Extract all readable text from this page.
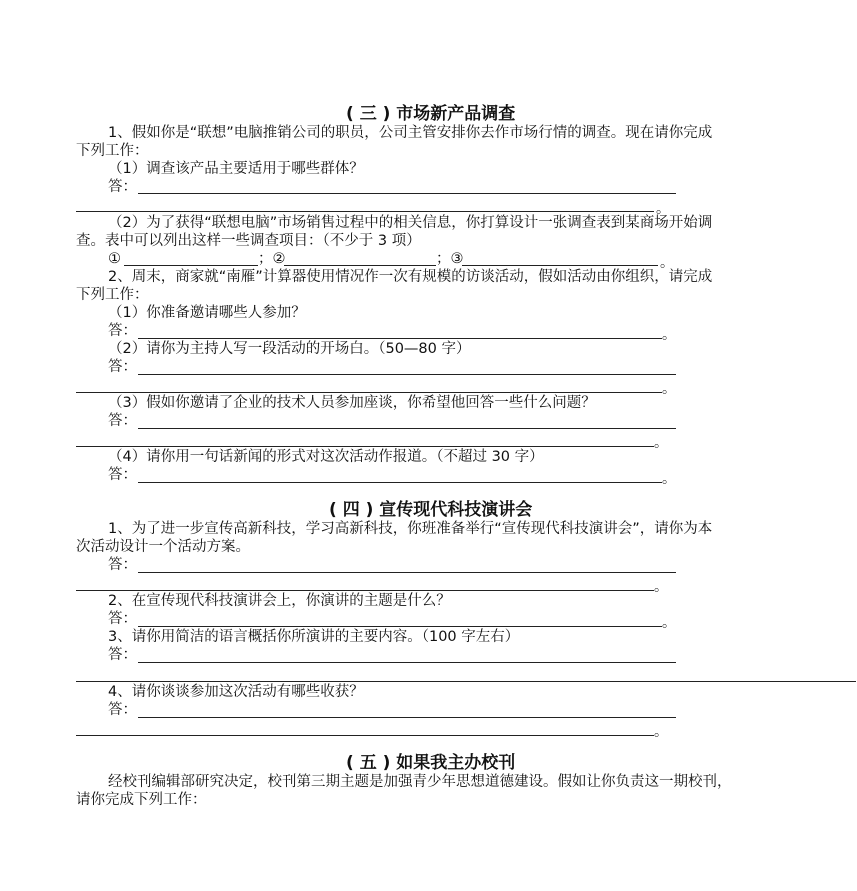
( 三 ) 市场新产品调查
1、假如你是“联想”电脑推销公司的职员，公司主管安排你去作市场行情的调查。现在请你完成
下列工作：
（1）调查该产品主要适用于哪些群体？
答：
。
（2）为了获得“联想电脑”市场销售过程中的相关信息，你打算设计一张调查表到某商场开始调
查。表中可以列出这样一些调查项目：（不少于 3 项）
①	；②	；③	。
2、周末，商家就“南雁”计算器使用情况作一次有规模的访谈活动，假如活动由你组织，请完成
下列工作：
（1）你准备邀请哪些人参加？
答：	。
（2）请你为主持人写一段活动的开场白。（50—80 字）
答：
。
（3）假如你邀请了企业的技术人员参加座谈，你希望他回答一些什么问题？
答：
。
（4）请你用一句话新闻的形式对这次活动作报道。（不超过 30 字）
答：	。
( 四 ) 宣传现代科技演讲会
1、为了进一步宣传高新科技，学习高新科技，你班准备举行“宣传现代科技演讲会”，请你为本
次活动设计一个活动方案。
答：
。
2、在宣传现代科技演讲会上，你演讲的主题是什么？
答：	。
3、请你用简洁的语言概括你所演讲的主要内容。（100 字左右）
答：
4、请你谈谈参加这次活动有哪些收获？
答：
。
( 五 ) 如果我主办校刊
经校刊编辑部研究决定，校刊第三期主题是加强青少年思想道德建设。假如让你负责这一期校刊，
请你完成下列工作：
